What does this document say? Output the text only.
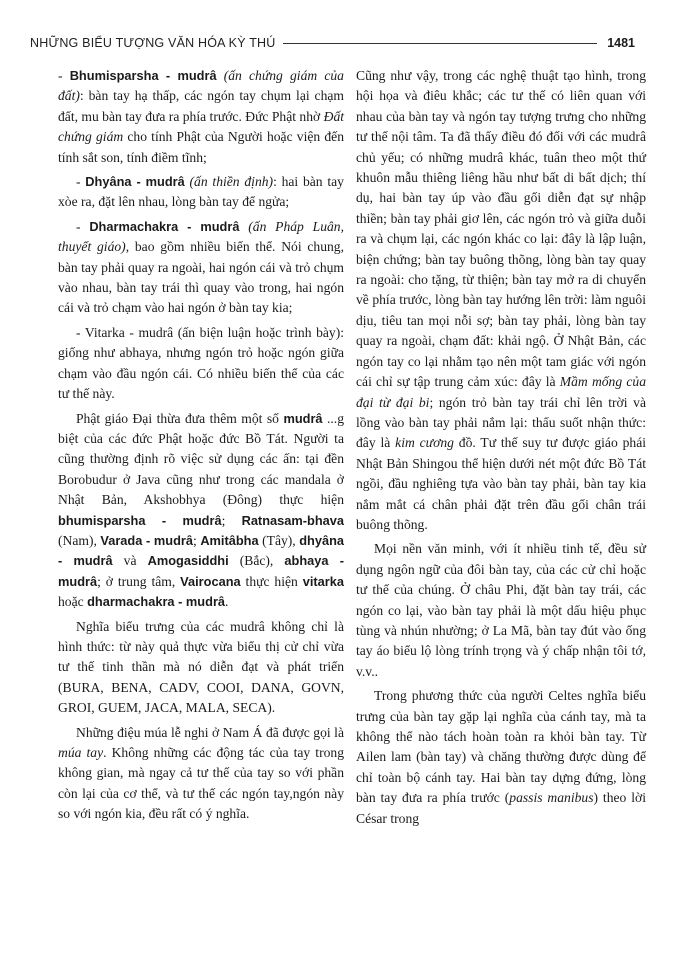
NHỮNG BIỂU TƯỢNG VĂN HÓA KỲ THÚ	1481

- Bhumisparsha - mudrâ (ấn chứng giám của đất): bàn tay hạ thấp, các ngón tay chụm lại chạm đất, mu bàn tay đưa ra phía trước. Đức Phật nhờ Đất chứng giám cho tính Phật của Người hoặc viện đến tính sắt son, tính điềm tĩnh;

- Dhyâna - mudrâ (ấn thiền định): hai bàn tay xòe ra, đặt lên nhau, lòng bàn tay để ngửa;

- Dharmachakra - mudrâ (ấn Pháp Luân, thuyết giáo), bao gồm nhiều biến thể. Nói chung, bàn tay phải quay ra ngoài, hai ngón cái và trỏ chụm vào nhau, bàn tay trái thì quay vào trong, hai ngón cái và trỏ chạm vào hai ngón ở bàn tay kia;

- Vitarka - mudrâ (ấn biện luận hoặc trình bày): giống như abhaya, nhưng ngón trỏ hoặc ngón giữa chạm vào đầu ngón cái. Có nhiều biến thể của các tư thế này.

Phật giáo Đại thừa đưa thêm một số mudrâ ...g biệt của các đức Phật hoặc đức Bồ Tát. Người ta cũng thường định rõ việc sử dụng các ấn: tại đền Borobudur ở Java cũng như trong các mandala ở Nhật Bản, Akshobhya (Đông) thực hiện bhumisparsha - mudrâ; Ratnasam-bhava (Nam), Varada - mudrâ; Amitâbha (Tây), dhyâna - mudrâ và Amogasiddhi (Bắc), abhaya - mudrâ; ở trung tâm, Vairocana thực hiện vitarka hoặc dharmachakra - mudrâ.

Nghĩa biểu trưng của các mudrâ không chỉ là hình thức: từ này quả thực vừa biểu thị cử chỉ vừa tư thế tinh thần mà nó diễn đạt và phát triển (BURA, BENA, CADV, COOI, DANA, GOVN, GROI, GUEM, JACA, MALA, SECA).

Những điệu múa lễ nghi ở Nam Á đã được gọi là múa tay. Không những các động tác của tay trong không gian, mà ngay cả tư thế của tay so với phần còn lại của cơ thể, và tư thế các ngón tay,ngón này so với ngón kia, đều rất có ý nghĩa.

Cũng như vậy, trong các nghệ thuật tạo hình, trong hội họa và điêu khắc; các tư thế có liên quan với nhau của bàn tay và ngón tay tượng trưng cho những tư thế nội tâm. Ta đã thấy điều đó đối với các mudrâ chủ yếu; có những mudrâ khác, tuân theo một thứ khuôn mẫu thiêng liêng hầu như bất di bất dịch; thí dụ, hai bàn tay úp vào đầu gối diễn đạt sự nhập thiền; bàn tay phải giơ lên, các ngón trỏ và giữa duỗi ra và chụm lại, các ngón khác co lại: đây là lập luận, biện chứng; bàn tay buông thõng, lòng bàn tay quay ra ngoài: cho tặng, từ thiện; bàn tay mở ra di chuyển về phía trước, lòng bàn tay hướng lên trời: làm nguôi dịu, tiêu tan mọi nỗi sợ; bàn tay phải, lòng bàn tay quay ra ngoài, chạm đất: khải ngộ. Ở Nhật Bản, các ngón tay co lại nhằm tạo nên một tam giác với ngón cái chỉ sự tập trung cảm xúc: đây là Mầm mống của đại từ đại bi; ngón trỏ bàn tay trái chỉ lên trời và lồng vào bàn tay phải nắm lại: thấu suốt nhận thức: đây là kim cương đồ. Tư thế suy tư được giáo phái Nhật Bản Shingou thể hiện dưới nét một đức Bồ Tát ngồi, đầu nghiêng tựa vào bàn tay phải, bàn tay kia nắm mắt cá chân phải đặt trên đầu gối chân trái buông thõng.

Mọi nền văn minh, với ít nhiều tinh tế, đều sử dụng ngôn ngữ của đôi bàn tay, của các cử chỉ hoặc tư thế của chúng. Ở châu Phi, đặt bàn tay trái, các ngón co lại, vào bàn tay phải là một dấu hiệu phục tùng và nhún nhường; ở La Mã, bàn tay đút vào ống tay áo biểu lộ lòng trính trọng và ý chấp nhận tôi tớ, v.v..

Trong phương thức của người Celtes nghĩa biểu trưng của bàn tay gặp lại nghĩa của cánh tay, mà ta không thể nào tách hoàn toàn ra khỏi bàn tay. Từ Ailen lam (bàn tay) và chăng thường được dùng để chỉ toàn bộ cánh tay. Hai bàn tay dựng đứng, lòng bàn tay đưa ra phía trước (passis manibus) theo lời César trong
